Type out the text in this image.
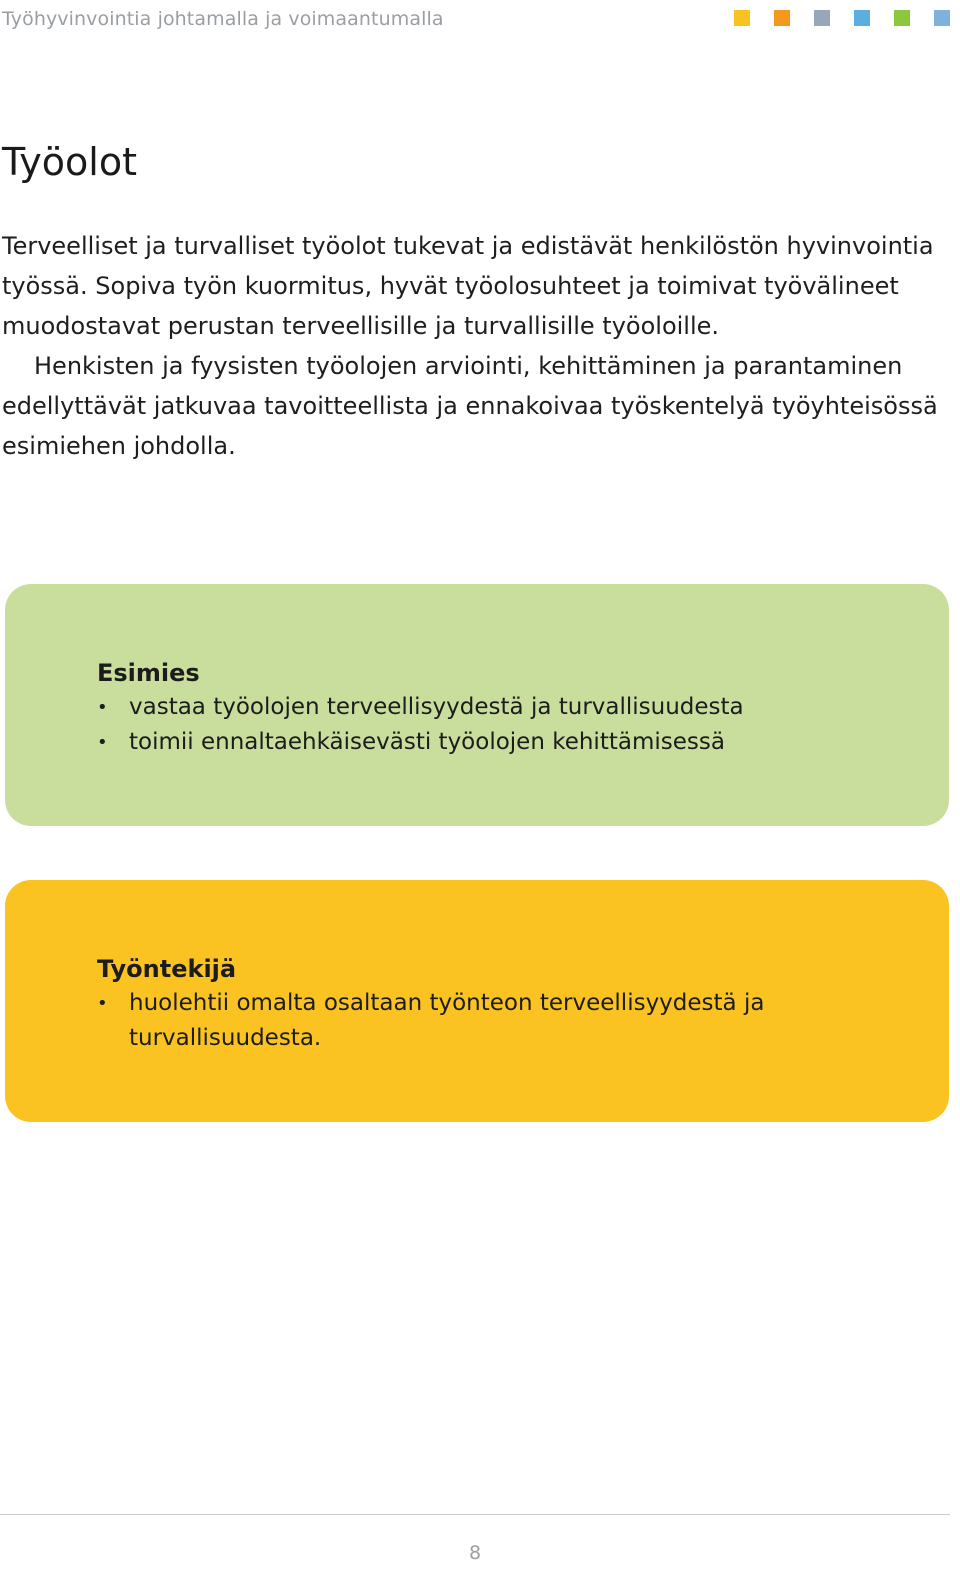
Työhyvinvointia johtamalla ja voimaantumalla
Työolot

Terveelliset ja turvalliset työolot tukevat ja edistävät henkilöstön hyvinvointia työssä. Sopiva työn kuormitus, hyvät työolosuhteet ja toimivat työvälineet muodostavat perustan terveellisille ja turvallisille työoloille.

Henkisten ja fyysisten työolojen arviointi, kehittäminen ja parantaminen edellyttävät jatkuvaa tavoitteellista ja ennakoivaa työskentelyä työyhteisössä esimiehen johdolla.

Esimies
• vastaa työolojen terveellisyydestä ja turvallisuudesta
• toimii ennaltaehkäisevästi työolojen kehittämisessä
Työntekijä
• huolehtii omalta osaltaan työnteon terveellisyydestä ja turvallisuudesta.
8
